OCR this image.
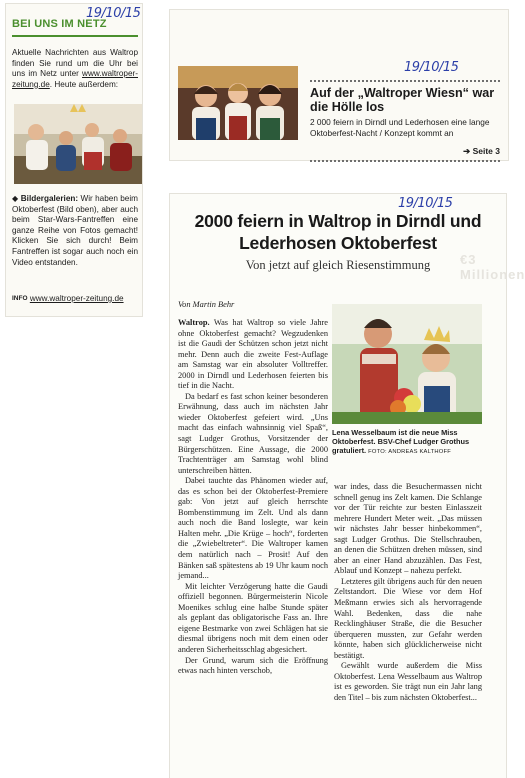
19/10/15
BEI UNS IM NETZ
Aktuelle Nachrichten aus Waltrop finden Sie rund um die Uhr bei uns im Netz unter www.waltroper-zeitung.de. Heute außerdem:
◆ Bildergalerien: Wir haben beim Oktoberfest (Bild oben), aber auch beim Star-Wars-Fantreffen eine ganze Reihe von Fotos gemacht! Klicken Sie sich durch! Beim Fantreffen ist sogar auch noch ein Video entstanden.
INFO www.waltroper-zeitung.de
19/10/15
Auf der „Waltroper Wiesn“ war die Hölle los
2 000 feiern in Dirndl und Lederhosen eine lange Oktoberfest-Nacht / Konzept kommt an
➔ Seite 3
19/10/15
€3 Millionen
2000 feiern in Waltrop in Dirndl und Lederhosen Oktoberfest
Von jetzt auf gleich Riesenstimmung
Von Martin Behr

Waltrop. Was hat Waltrop so viele Jahre ohne Oktoberfest gemacht? Wegzudenken ist die Gaudi der Schützen schon jetzt nicht mehr. Denn auch die zweite Fest-Auflage am Samstag war ein absoluter Volltreffer. 2000 in Dirndl und Lederhosen feierten bis tief in die Nacht.

Da bedarf es fast schon keiner besonderen Erwähnung, dass auch im nächsten Jahr wieder Oktoberfest gefeiert wird. „Uns macht das einfach wahnsinnig viel Spaß“, sagt Ludger Grothus, Vorsitzender der Bürgerschützen. Eine Aussage, die 2000 Trachtenträger am Samstag wohl blind unterschreiben hätten.

Dabei tauchte das Phänomen wieder auf, das es schon bei der Oktoberfest-Premiere gab: Von jetzt auf gleich herrschte Bombenstimmung im Zelt. Und als dann auch noch die Band loslegte, war kein Halten mehr. „Die Krüge – hoch“, forderten die „Zwiebeltreter“. Die Waltroper kamen dem natürlich nach – Prosit! Auf den Bänken saß spätestens ab 19 Uhr kaum noch jemand...

Mit leichter Verzögerung hatte die Gaudi offiziell begonnen. Bürgermeisterin Nicole Moenikes schlug eine halbe Stunde später als geplant das obligatorische Fass an. Ihre eigene Bestmarke von zwei Schlägen hat sie diesmal übrigens noch mit dem einen oder anderen Sicherheitsschlag abgesichert.

Der Grund, warum sich die Eröffnung etwas nach hinten verschob,

Lena Wesselbaum ist die neue Miss Oktoberfest. BSV-Chef Ludger Grothus gratuliert. FOTO: ANDREAS KALTHOFF

war indes, dass die Besuchermassen nicht schnell genug ins Zelt kamen. Die Schlange vor der Tür reichte zur besten Einlasszeit mehrere Hundert Meter weit. „Das müssen wir nächstes Jahr besser hinbekommen“, sagt Ludger Grothus. Die Stellschrauben, an denen die Schützen drehen müssen, sind aber an einer Hand abzuzählen. Das Fest, Ablauf und Konzept – nahezu perfekt.

Letzteres gilt übrigens auch für den neuen Zeltstandort. Die Wiese vor dem Hof Meßmann erwies sich als hervorragende Wahl. Bedenken, dass die nahe Recklinghäuser Straße, die die Besucher überqueren mussten, zur Gefahr werden könnte, haben sich glücklicherweise nicht bestätigt.

Gewählt wurde außerdem die Miss Oktoberfest. Lena Wesselbaum aus Waltrop ist es geworden. Sie trägt nun ein Jahr lang den Titel – bis zum nächsten Oktoberfest...
